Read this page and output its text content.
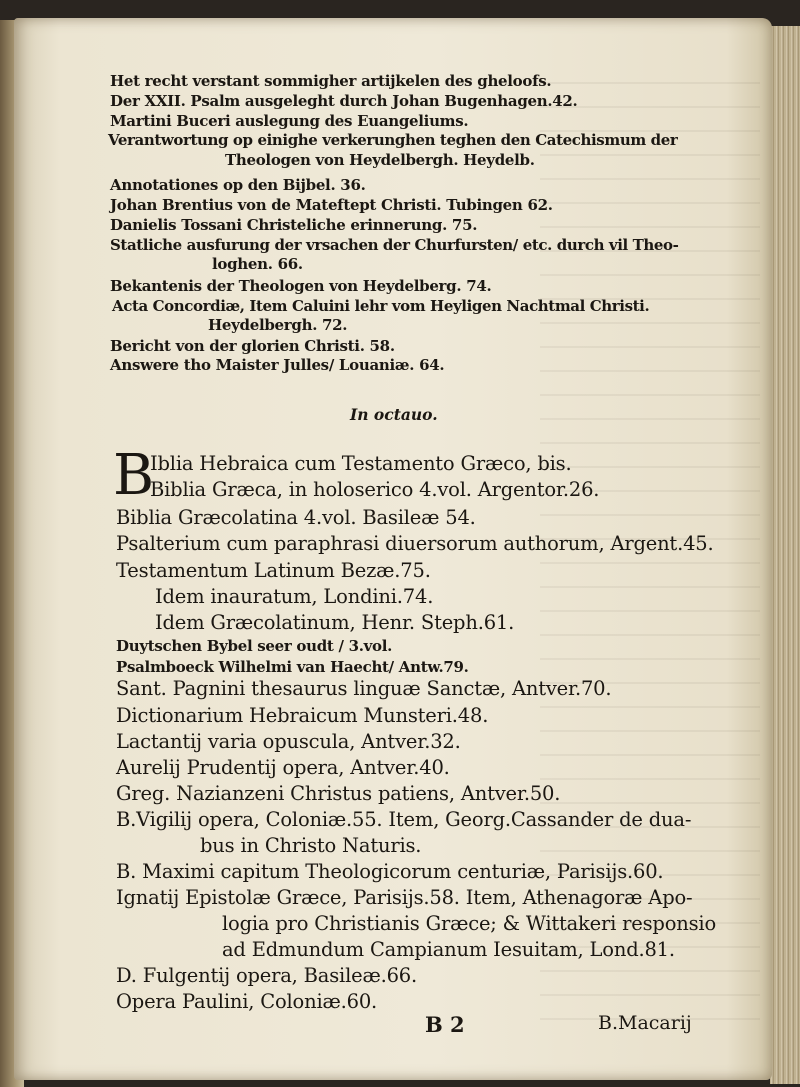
Het recht verstant sommigher artijkelen des gheloofs.
Der XXII. Psalm ausgeleght durch Johan Bugenhagen.42.
Martini Buceri auslegung des Euangeliums.
Verantwortung op einighe verkerunghen teghen den Catechismum der
Theologen von Heydelbergh. Heydelb.
Annotationes op den Bijbel. 36.
Johan Brentius von de Mateftept Christi. Tubingen 62.
Danielis Tossani Christeliche erinnerung. 75.
Statliche ausfurung der vrsachen der Churfursten/ etc. durch vil Theo-
loghen. 66.
Bekantenis der Theologen von Heydelberg. 74.
Acta Concordiæ, Item Caluini lehr vom Heyligen Nachtmal Christi.
Heydelbergh. 72.
Bericht von der glorien Christi. 58.
Answere tho Maister Julles/ Louaniæ. 64.
In octauo.
B
Iblia Hebraica cum Testamento Græco, bis.
Biblia Græca, in holoserico 4.vol. Argentor.26.
Biblia Græcolatina 4.vol. Basileæ 54.
Psalterium cum paraphrasi diuersorum authorum, Argent.45.
Testamentum Latinum Bezæ.75.
Idem inauratum, Londini.74.
Idem Græcolatinum, Henr. Steph.61.
Duytschen Bybel seer oudt / 3.vol.
Psalmboeck Wilhelmi van Haecht/ Antw.79.
Sant. Pagnini thesaurus linguæ Sanctæ, Antver.70.
Dictionarium Hebraicum Munsteri.48.
Lactantij varia opuscula, Antver.32.
Aurelij Prudentij opera, Antver.40.
Greg. Nazianzeni Christus patiens, Antver.50.
B.Vigilij opera, Coloniæ.55. Item, Georg.Cassander de dua-
bus in Christo Naturis.
B. Maximi capitum Theologicorum centuriæ, Parisijs.60.
Ignatij Epistolæ Græce, Parisijs.58. Item, Athenagoræ Apo-
logia pro Christianis Græce; & Wittakeri responsio
ad Edmundum Campianum Iesuitam, Lond.81.
D. Fulgentij opera, Basileæ.66.
Opera Paulini, Coloniæ.60.
B 2	B.Macarij
